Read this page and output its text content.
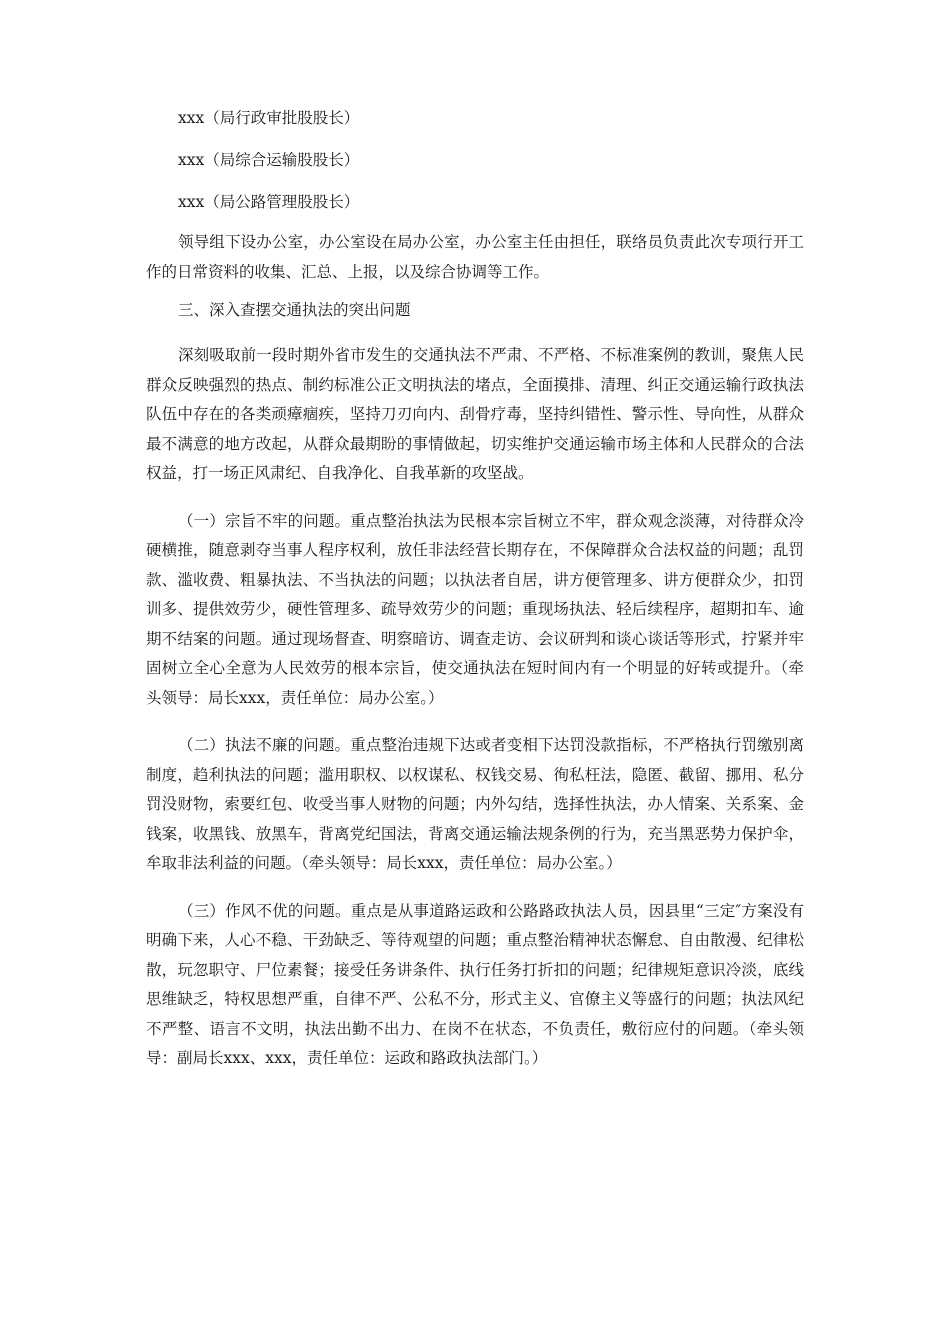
xxx（局行政审批股股长）

xxx（局综合运输股股长）

xxx（局公路管理股股长）

领导组下设办公室，办公室设在局办公室，办公室主任由担任，联络员负责此次专项行开工作的日常资料的收集、汇总、上报，以及综合协调等工作。

三、深入查摆交通执法的突出问题

深刻吸取前一段时期外省市发生的交通执法不严肃、不严格、不标准案例的教训，聚焦人民群众反映强烈的热点、制约标准公正文明执法的堵点，全面摸排、清理、纠正交通运输行政执法队伍中存在的各类顽瘴痼疾，坚持刀刃向内、刮骨疗毒，坚持纠错性、警示性、导向性，从群众最不满意的地方改起，从群众最期盼的事情做起，切实维护交通运输市场主体和人民群众的合法权益，打一场正风肃纪、自我净化、自我革新的攻坚战。

（一）宗旨不牢的问题。重点整治执法为民根本宗旨树立不牢，群众观念淡薄，对待群众冷硬横推，随意剥夺当事人程序权利，放任非法经营长期存在，不保障群众合法权益的问题；乱罚款、滥收费、粗暴执法、不当执法的问题；以执法者自居，讲方便管理多、讲方便群众少，扣罚训多、提供效劳少，硬性管理多、疏导效劳少的问题；重现场执法、轻后续程序，超期扣车、逾期不结案的问题。通过现场督查、明察暗访、调查走访、会议研判和谈心谈话等形式，拧紧并牢固树立全心全意为人民效劳的根本宗旨，使交通执法在短时间内有一个明显的好转或提升。（牵头领导：局长xxx，责任单位：局办公室。）

（二）执法不廉的问题。重点整治违规下达或者变相下达罚没款指标，不严格执行罚缴别离制度，趋利执法的问题；滥用职权、以权谋私、权钱交易、徇私枉法，隐匿、截留、挪用、私分罚没财物，索要红包、收受当事人财物的问题；内外勾结，选择性执法，办人情案、关系案、金钱案，收黑钱、放黑车，背离党纪国法，背离交通运输法规条例的行为，充当黑恶势力保护伞，牟取非法利益的问题。（牵头领导：局长xxx，责任单位：局办公室。）

（三）作风不优的问题。重点是从事道路运政和公路路政执法人员，因县里“三定″方案没有明确下来，人心不稳、干劲缺乏、等待观望的问题；重点整治精神状态懈怠、自由散漫、纪律松散，玩忽职守、尸位素餐；接受任务讲条件、执行任务打折扣的问题；纪律规矩意识冷淡，底线思维缺乏，特权思想严重，自律不严、公私不分，形式主义、官僚主义等盛行的问题；执法风纪不严整、语言不文明，执法出勤不出力、在岗不在状态，不负责任，敷衍应付的问题。（牵头领导：副局长xxx、xxx，责任单位：运政和路政执法部门。）
